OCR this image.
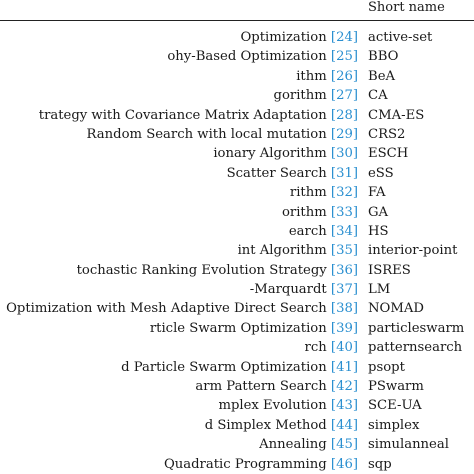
Short name
Optimization [24] active-set
ohy-Based Optimization [25] BBO
ithm [26] BeA
gorithm [27] CA
trategy with Covariance Matrix Adaptation [28] CMA-ES
Random Search with local mutation [29] CRS2
ionary Algorithm [30] ESCH
Scatter Search [31] eSS
rithm [32] FA
orithm [33] GA
earch [34] HS
int Algorithm [35] interior-point
tochastic Ranking Evolution Strategy [36] ISRES
-Marquardt [37] LM
Optimization with Mesh Adaptive Direct Search [38] NOMAD
rticle Swarm Optimization [39] particleswarm
rch [40] patternsearch
d Particle Swarm Optimization [41] psopt
arm Pattern Search [42] PSwarm
mplex Evolution [43] SCE-UA
d Simplex Method [44] simplex
Annealing [45] simulanneal
Quadratic Programming [46] sqp
